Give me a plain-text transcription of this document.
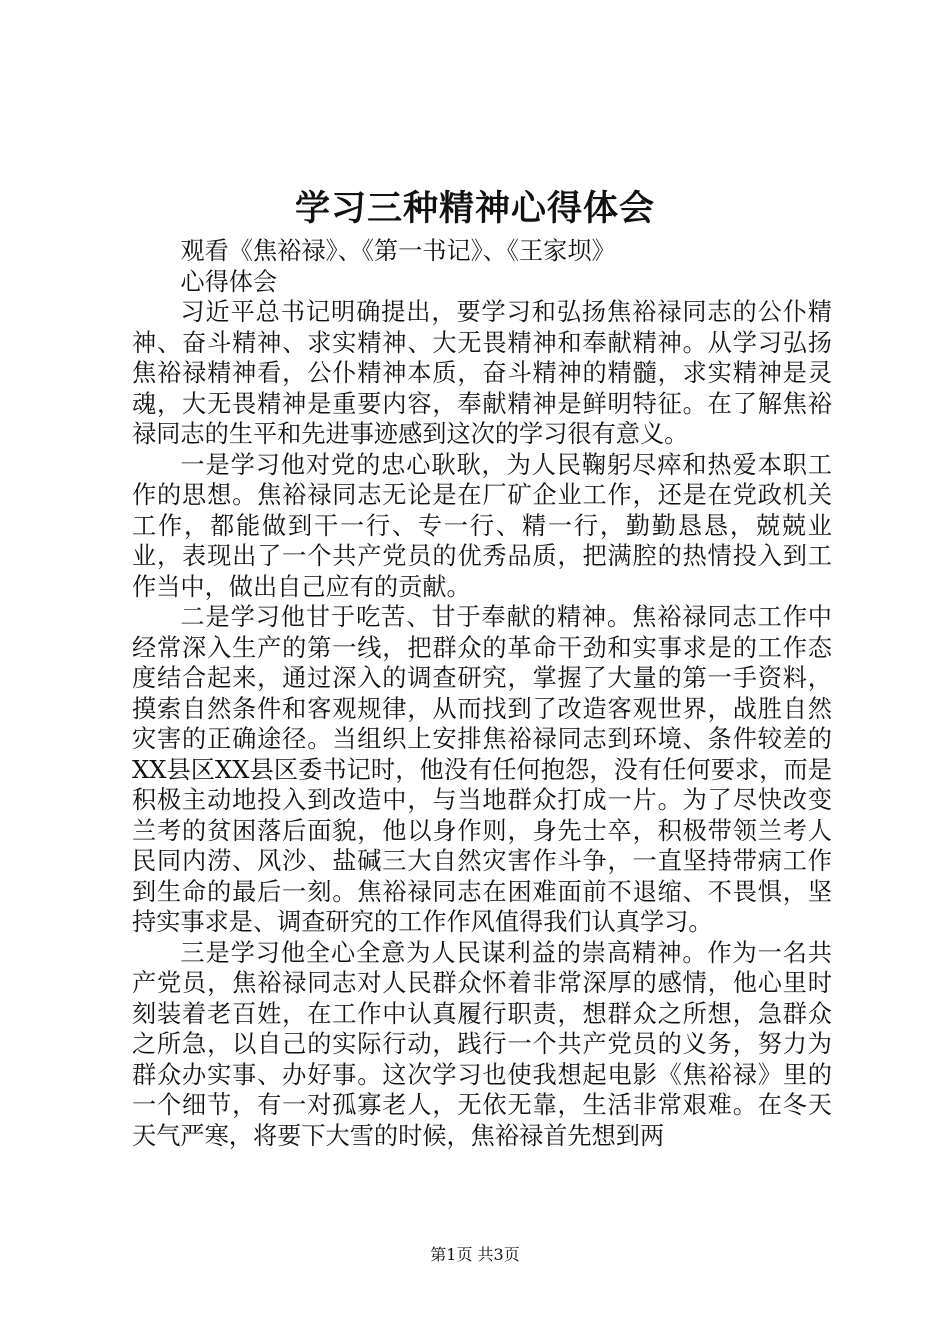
学习三种精神心得体会

观看《焦裕禄》、《第一书记》、《王家坝》

心得体会

习近平总书记明确提出，要学习和弘扬焦裕禄同志的公仆精神、奋斗精神、求实精神、大无畏精神和奉献精神。从学习弘扬焦裕禄精神看，公仆精神本质，奋斗精神的精髓，求实精神是灵魂，大无畏精神是重要内容，奉献精神是鲜明特征。在了解焦裕禄同志的生平和先进事迹感到这次的学习很有意义。

一是学习他对党的忠心耿耿，为人民鞠躬尽瘁和热爱本职工作的思想。焦裕禄同志无论是在厂矿企业工作，还是在党政机关工作，都能做到干一行、专一行、精一行，勤勤恳恳，兢兢业业，表现出了一个共产党员的优秀品质，把满腔的热情投入到工作当中，做出自己应有的贡献。

二是学习他甘于吃苦、甘于奉献的精神。焦裕禄同志工作中经常深入生产的第一线，把群众的革命干劲和实事求是的工作态度结合起来，通过深入的调查研究，掌握了大量的第一手资料，摸索自然条件和客观规律，从而找到了改造客观世界，战胜自然灾害的正确途径。当组织上安排焦裕禄同志到环境、条件较差的XX县区XX县区委书记时，他没有任何抱怨，没有任何要求，而是积极主动地投入到改造中，与当地群众打成一片。为了尽快改变兰考的贫困落后面貌，他以身作则，身先士卒，积极带领兰考人民同内涝、风沙、盐碱三大自然灾害作斗争，一直坚持带病工作到生命的最后一刻。焦裕禄同志在困难面前不退缩、不畏惧，坚持实事求是、调查研究的工作作风值得我们认真学习。

三是学习他全心全意为人民谋利益的崇高精神。作为一名共产党员，焦裕禄同志对人民群众怀着非常深厚的感情，他心里时刻装着老百姓，在工作中认真履行职责，想群众之所想，急群众之所急，以自己的实际行动，践行一个共产党员的义务，努力为群众办实事、办好事。这次学习也使我想起电影《焦裕禄》里的一个细节，有一对孤寡老人，无依无靠，生活非常艰难。在冬天天气严寒，将要下大雪的时候，焦裕禄首先想到两

第1页 共3页
